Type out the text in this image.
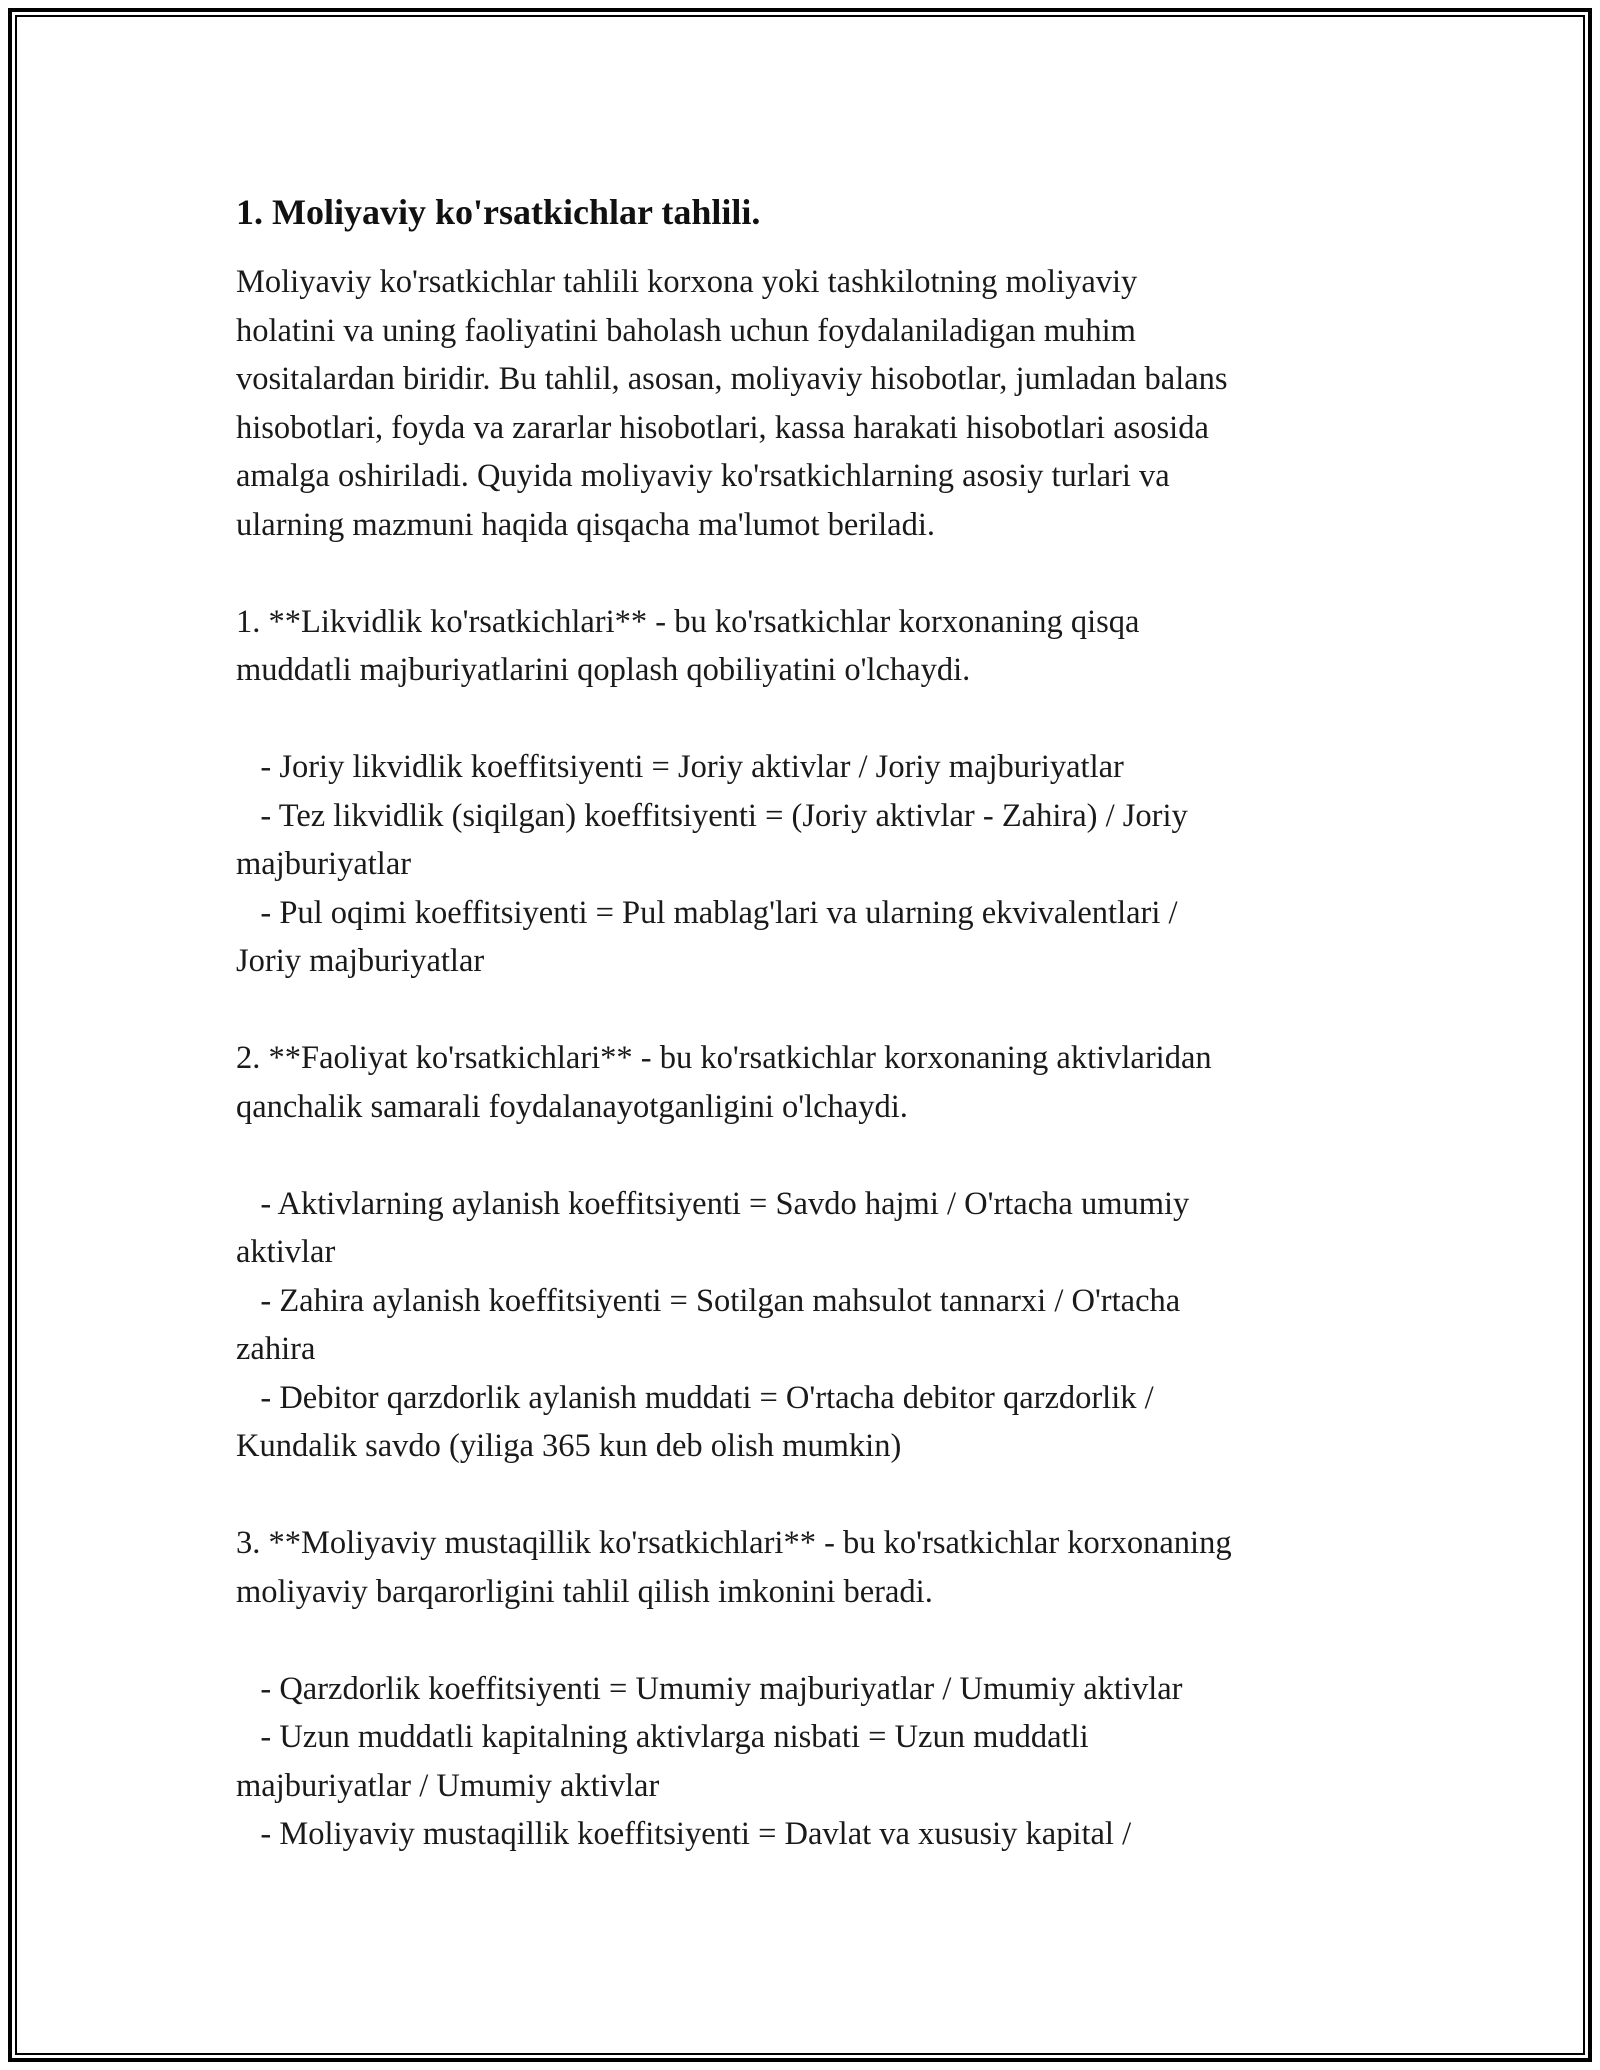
1. Moliyaviy ko'rsatkichlar tahlili.
Moliyaviy ko'rsatkichlar tahlili korxona yoki tashkilotning moliyaviy
holatini va uning faoliyatini baholash uchun foydalaniladigan muhim
vositalardan biridir. Bu tahlil, asosan, moliyaviy hisobotlar, jumladan balans
hisobotlari, foyda va zararlar hisobotlari, kassa harakati hisobotlari asosida
amalga oshiriladi. Quyida moliyaviy ko'rsatkichlarning asosiy turlari va
ularning mazmuni haqida qisqacha ma'lumot beriladi.
1. **Likvidlik ko'rsatkichlari** - bu ko'rsatkichlar korxonaning qisqa
muddatli majburiyatlarini qoplash qobiliyatini o'lchaydi.
- Joriy likvidlik koeffitsiyenti = Joriy aktivlar / Joriy majburiyatlar
- Tez likvidlik (siqilgan) koeffitsiyenti = (Joriy aktivlar - Zahira) / Joriy
majburiyatlar
- Pul oqimi koeffitsiyenti = Pul mablag'lari va ularning ekvivalentlari /
Joriy majburiyatlar
2. **Faoliyat ko'rsatkichlari** - bu ko'rsatkichlar korxonaning aktivlaridan
qanchalik samarali foydalanayotganligini o'lchaydi.
- Aktivlarning aylanish koeffitsiyenti = Savdo hajmi / O'rtacha umumiy
aktivlar
- Zahira aylanish koeffitsiyenti = Sotilgan mahsulot tannarxi / O'rtacha
zahira
- Debitor qarzdorlik aylanish muddati = O'rtacha debitor qarzdorlik /
Kundalik savdo (yiliga 365 kun deb olish mumkin)
3. **Moliyaviy mustaqillik ko'rsatkichlari** - bu ko'rsatkichlar korxonaning
moliyaviy barqarorligini tahlil qilish imkonini beradi.
- Qarzdorlik koeffitsiyenti = Umumiy majburiyatlar / Umumiy aktivlar
- Uzun muddatli kapitalning aktivlarga nisbati = Uzun muddatli
majburiyatlar / Umumiy aktivlar
- Moliyaviy mustaqillik koeffitsiyenti = Davlat va xususiy kapital /
